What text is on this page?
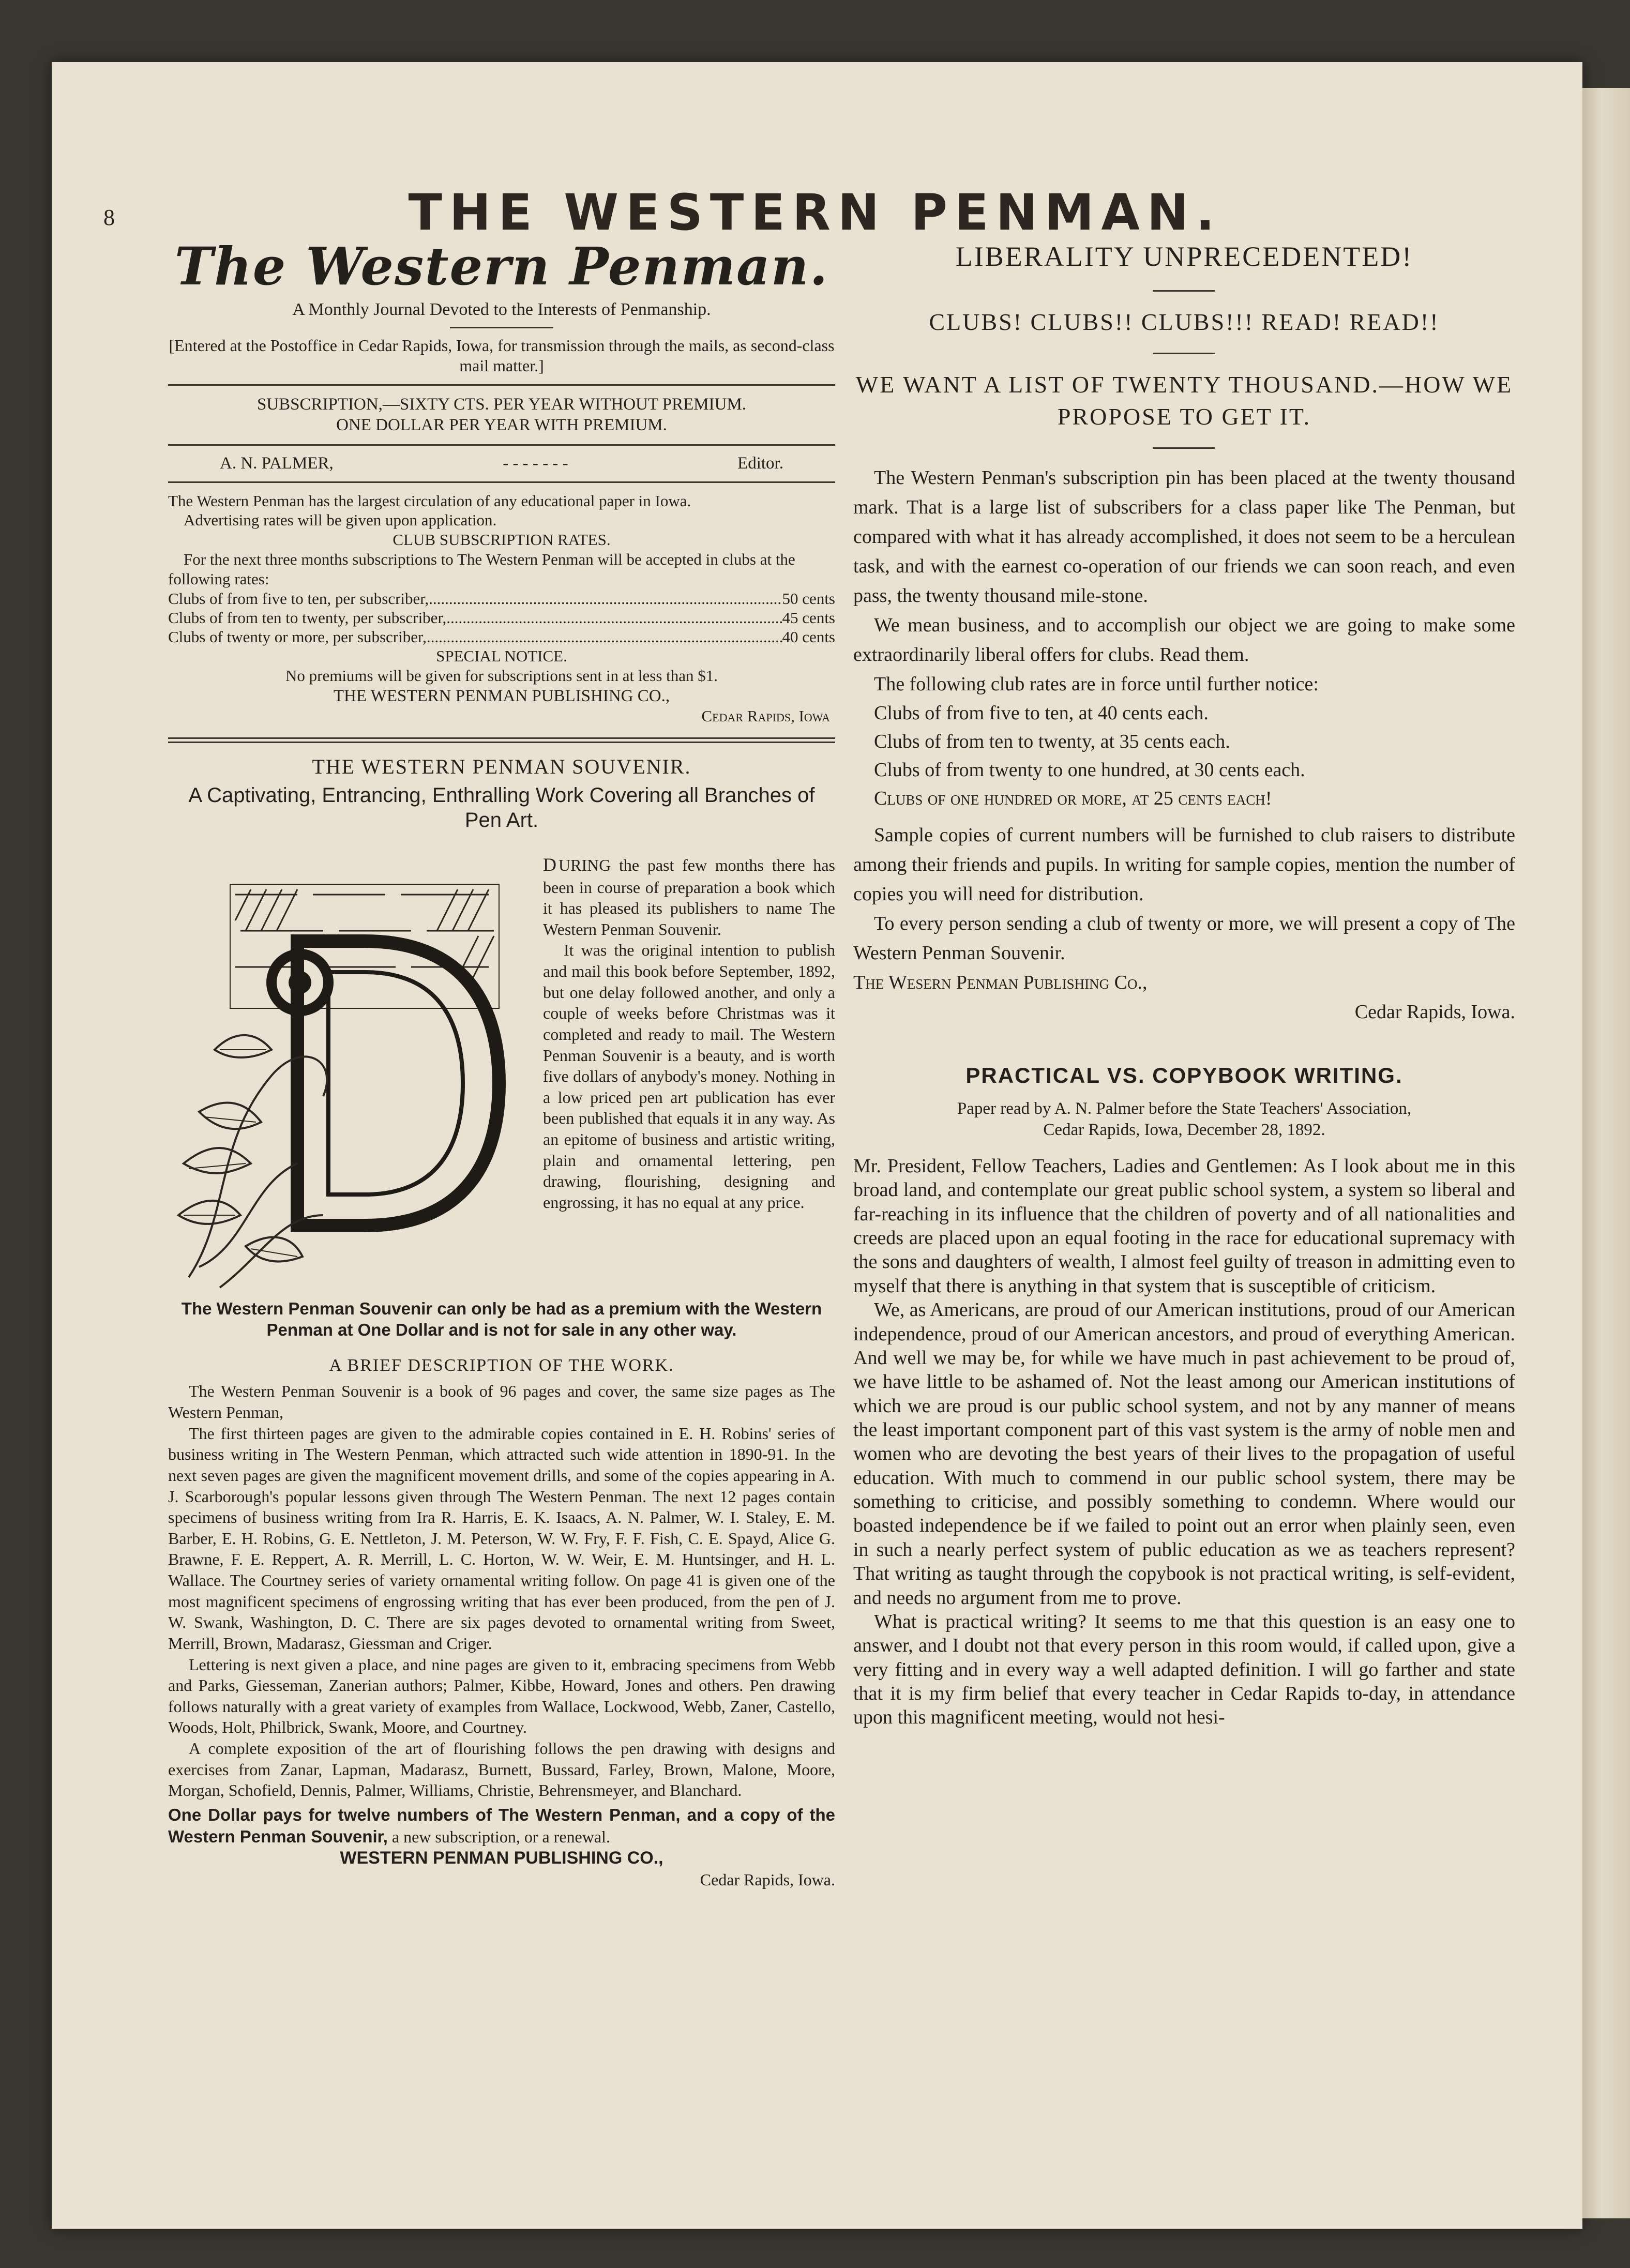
8	THE WESTERN PENMAN.
The Western Penman.
A Monthly Journal Devoted to the Interests of Penmanship.

[Entered at the Postoffice in Cedar Rapids, Iowa, for transmission through the mails, as second-class mail matter.]

SUBSCRIPTION,—SIXTY CTS. PER YEAR WITHOUT PREMIUM.

ONE DOLLAR PER YEAR WITH PREMIUM.

A. N. PALMER,	- - - - - - -	Editor.

The Western Penman has the largest circulation of any educational paper in Iowa.

Advertising rates will be given upon application.

CLUB SUBSCRIPTION RATES.

For the next three months subscriptions to The Western Penman will be accepted in clubs at the following rates:

Clubs of from five to ten, per subscriber, .....	50 cents
Clubs of from ten to twenty, per subscriber, .....	45 cents
Clubs of twenty or more, per subscriber, .....	40 cents

SPECIAL NOTICE.

No premiums will be given for subscriptions sent in at less than $1.

THE WESTERN PENMAN PUBLISHING CO.,

Cedar Rapids, Iowa

THE WESTERN PENMAN SOUVENIR.
A Captivating, Entrancing, Enthralling Work Covering all Branches of Pen Art.

DURING the past few months there has been in course of preparation a book which it has pleased its publishers to name The Western Penman Souvenir.

It was the original intention to publish and mail this book before September, 1892, but one delay followed another, and only a couple of weeks before Christmas was it completed and ready to mail. The Western Penman Souvenir is a beauty, and is worth five dollars of anybody's money. Nothing in a low priced pen art publication has ever been published that equals it in any way. As an epitome of business and artistic writing, plain and ornamental lettering, pen drawing, flourishing, designing and engrossing, it has no equal at any price.

The Western Penman Souvenir can only be had as a premium with the Western Penman at One Dollar and is not for sale in any other way.

A BRIEF DESCRIPTION OF THE WORK.

The Western Penman Souvenir is a book of 96 pages and cover, the same size pages as The Western Penman,

The first thirteen pages are given to the admirable copies contained in E. H. Robins' series of business writing in The Western Penman, which attracted such wide attention in 1890-91. In the next seven pages are given the magnificent movement drills, and some of the copies appearing in A. J. Scarborough's popular lessons given through The Western Penman. The next 12 pages contain specimens of business writing from Ira R. Harris, E. K. Isaacs, A. N. Palmer, W. I. Staley, E. M. Barber, E. H. Robins, G. E. Nettleton, J. M. Peterson, W. W. Fry, F. F. Fish, C. E. Spayd, Alice G. Brawne, F. E. Reppert, A. R. Merrill, L. C. Horton, W. W. Weir, E. M. Huntsinger, and H. L. Wallace. The Courtney series of variety ornamental writing follow. On page 41 is given one of the most magnificent specimens of engrossing writing that has ever been produced, from the pen of J. W. Swank, Washington, D. C. There are six pages devoted to ornamental writing from Sweet, Merrill, Brown, Madarasz, Giessman and Criger.

Lettering is next given a place, and nine pages are given to it, embracing specimens from Webb and Parks, Giesseman, Zanerian authors; Palmer, Kibbe, Howard, Jones and others. Pen drawing follows naturally with a great variety of examples from Wallace, Lockwood, Webb, Zaner, Castello, Woods, Holt, Philbrick, Swank, Moore, and Courtney.

A complete exposition of the art of flourishing follows the pen drawing with designs and exercises from Zanar, Lapman, Madarasz, Burnett, Bussard, Farley, Brown, Malone, Moore, Morgan, Schofield, Dennis, Palmer, Williams, Christie, Behrensmeyer, and Blanchard.

One Dollar pays for twelve numbers of The Western Penman, and a copy of the Western Penman Souvenir, a new subscription, or a renewal.

WESTERN PENMAN PUBLISHING CO.,

Cedar Rapids, Iowa.

LIBERALITY UNPRECEDENTED!
CLUBS! CLUBS!! CLUBS!!! READ! READ!!
WE WANT A LIST OF TWENTY THOUSAND.—HOW WE PROPOSE TO GET IT.

The Western Penman's subscription pin has been placed at the twenty thousand mark. That is a large list of subscribers for a class paper like The Penman, but compared with what it has already accomplished, it does not seem to be a herculean task, and with the earnest co-operation of our friends we can soon reach, and even pass, the twenty thousand mile-stone.

We mean business, and to accomplish our object we are going to make some extraordinarily liberal offers for clubs. Read them.

The following club rates are in force until further notice:

Clubs of from five to ten, at 40 cents each.

Clubs of from ten to twenty, at 35 cents each.

Clubs of from twenty to one hundred, at 30 cents each.

Clubs of one hundred or more, at 25 cents each!

Sample copies of current numbers will be furnished to club raisers to distribute among their friends and pupils. In writing for sample copies, mention the number of copies you will need for distribution.

To every person sending a club of twenty or more, we will present a copy of The Western Penman Souvenir.

The Wesern Penman Publishing Co.,

Cedar Rapids, Iowa.

PRACTICAL VS. COPYBOOK WRITING.

Paper read by A. N. Palmer before the State Teachers' Association,

Cedar Rapids, Iowa, December 28, 1892.

Mr. President, Fellow Teachers, Ladies and Gentlemen: As I look about me in this broad land, and contemplate our great public school system, a system so liberal and far-reaching in its influence that the children of poverty and of all nationalities and creeds are placed upon an equal footing in the race for educational supremacy with the sons and daughters of wealth, I almost feel guilty of treason in admitting even to myself that there is anything in that system that is susceptible of criticism.

We, as Americans, are proud of our American institutions, proud of our American independence, proud of our American ancestors, and proud of everything American. And well we may be, for while we have much in past achievement to be proud of, we have little to be ashamed of. Not the least among our American institutions of which we are proud is our public school system, and not by any manner of means the least important component part of this vast system is the army of noble men and women who are devoting the best years of their lives to the propagation of useful education. With much to commend in our public school system, there may be something to criticise, and possibly something to condemn. Where would our boasted independence be if we failed to point out an error when plainly seen, even in such a nearly perfect system of public education as we as teachers represent? That writing as taught through the copybook is not practical writing, is self-evident, and needs no argument from me to prove.

What is practical writing? It seems to me that this question is an easy one to answer, and I doubt not that every person in this room would, if called upon, give a very fitting and in every way a well adapted definition. I will go farther and state that it is my firm belief that every teacher in Cedar Rapids to-day, in attendance upon this magnificent meeting, would not hesi-
